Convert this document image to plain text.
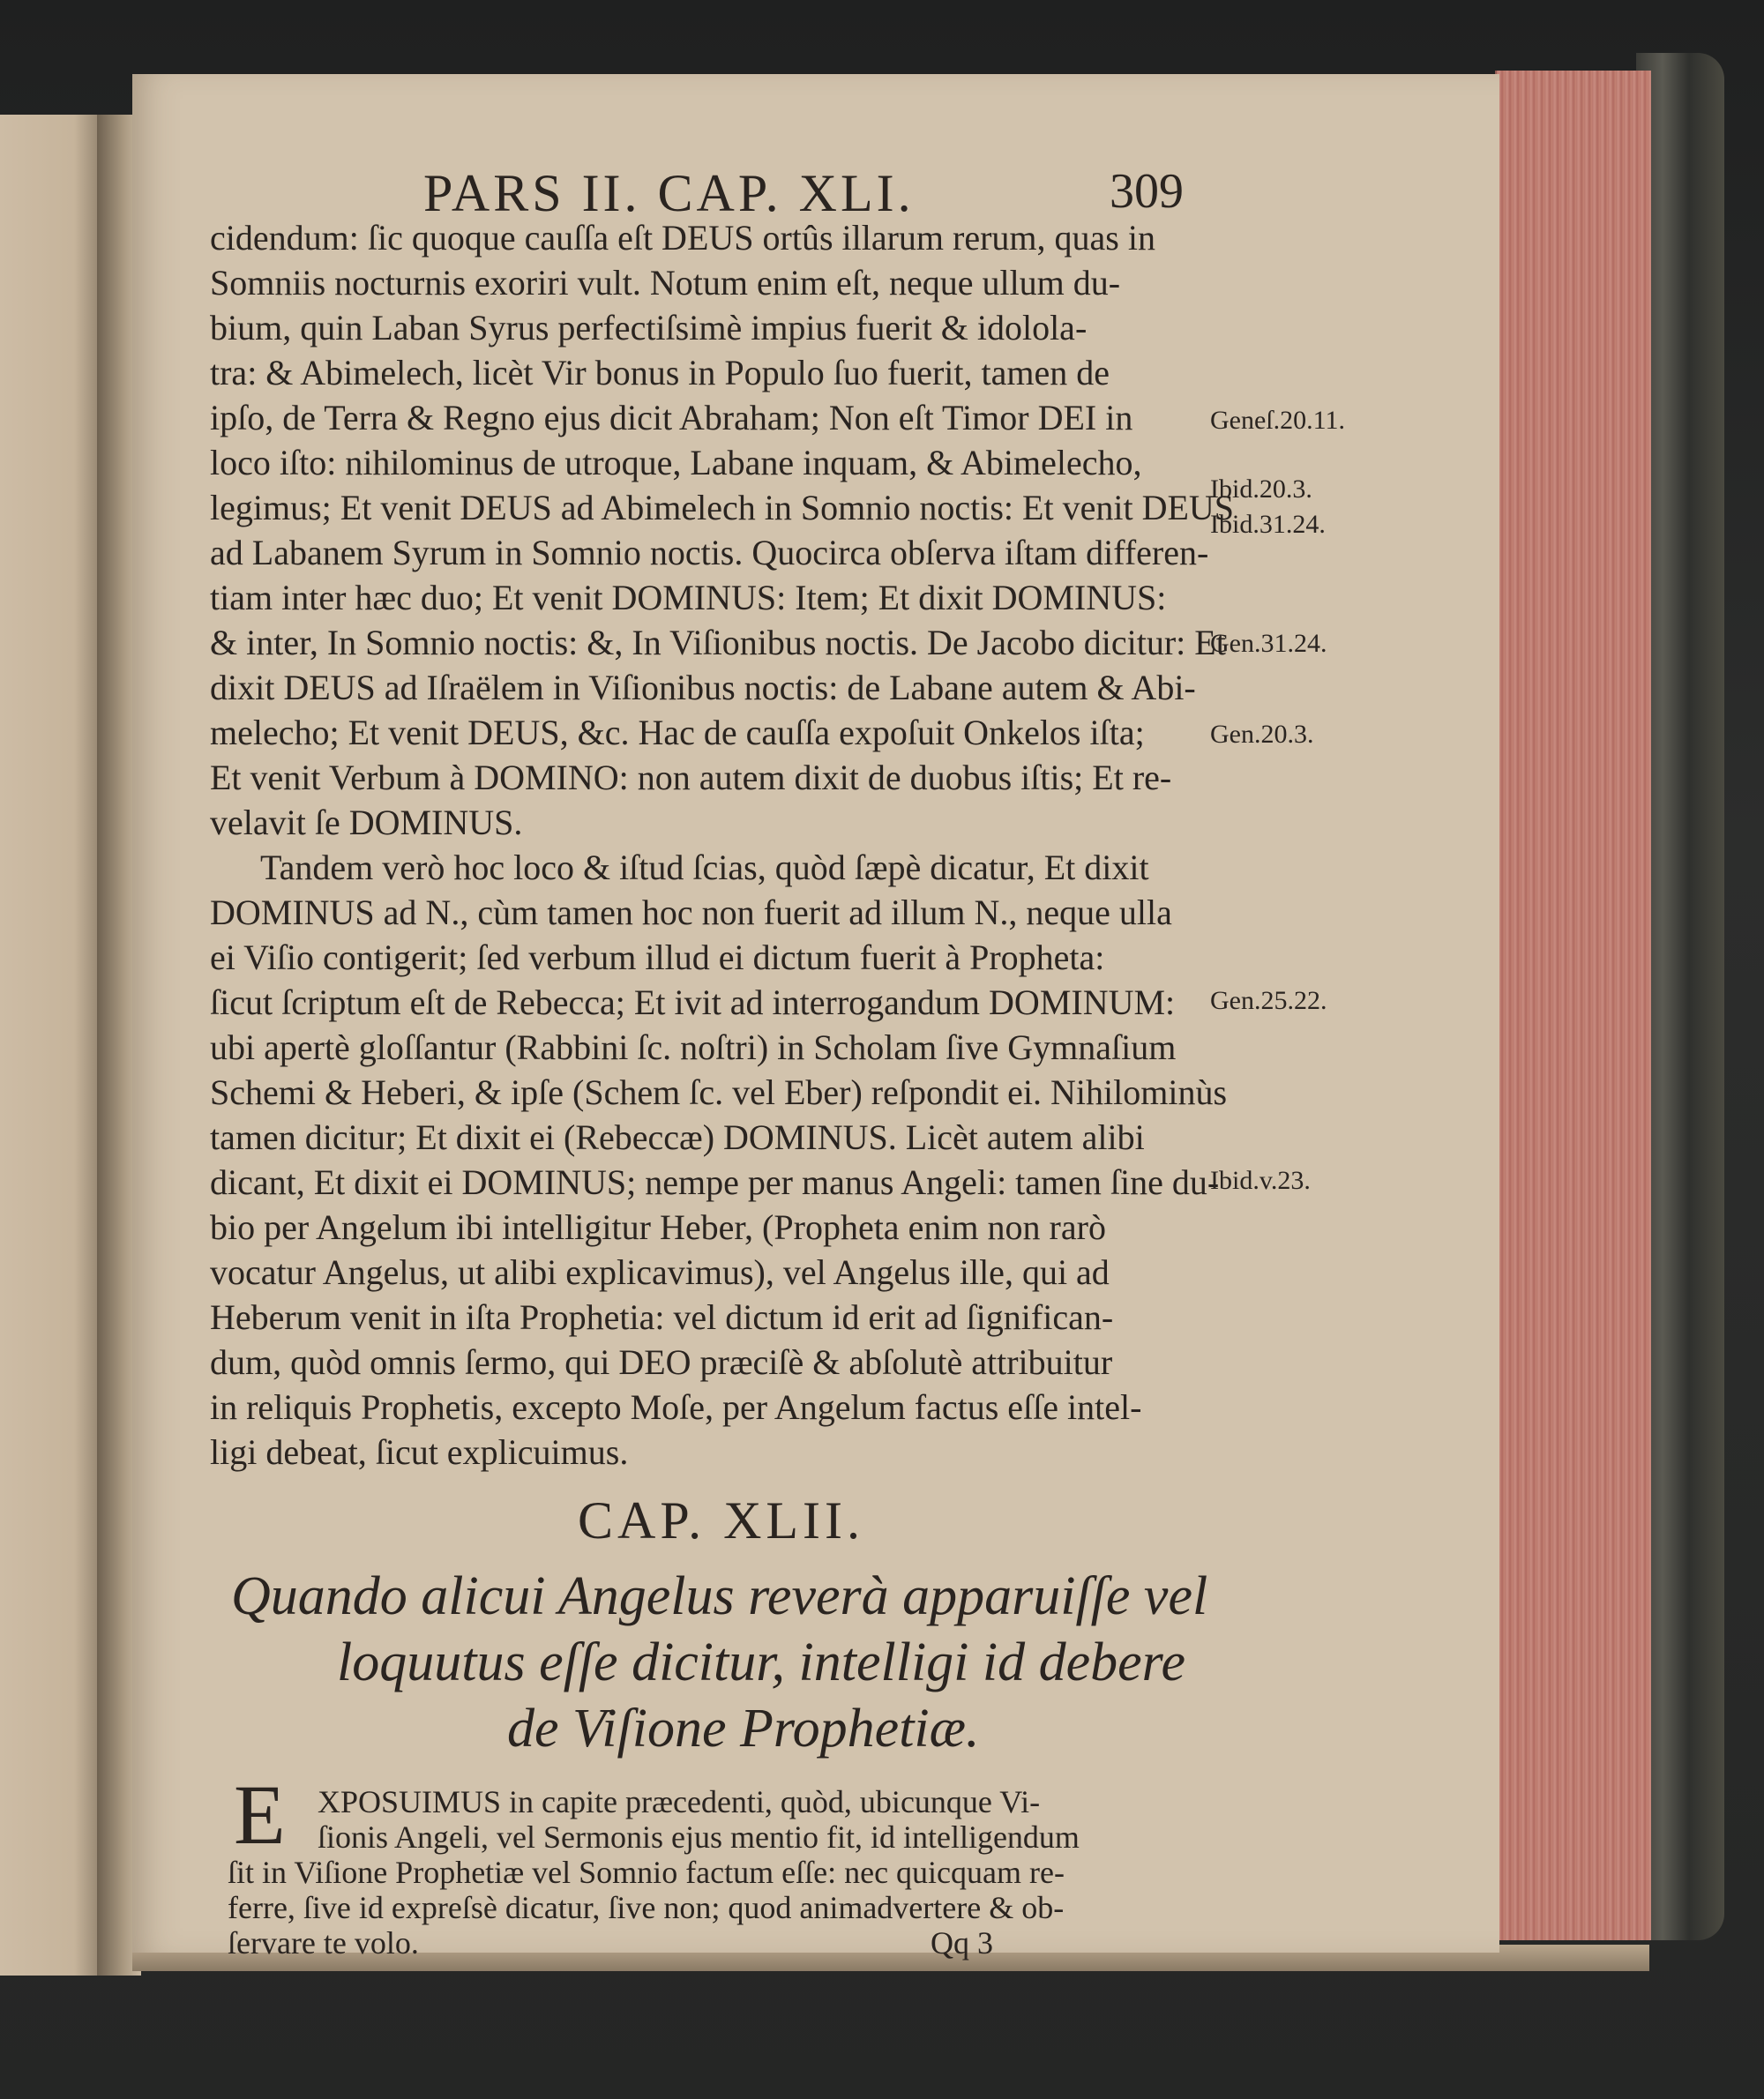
PARS II. CAP. XLI.	309
cidendum: ſic quoque cauſſa eſt DEUS ortûs illarum rerum, quas in
Somniis nocturnis exoriri vult. Notum enim eſt, neque ullum du-
bium, quin Laban Syrus perfectiſsimè impius fuerit & idolola-
tra: & Abimelech, licèt Vir bonus in Populo ſuo fuerit, tamen de
ipſo, de Terra & Regno ejus dicit Abraham; Non eſt Timor DEI in
loco iſto: nihilominus de utroque, Labane inquam, & Abimelecho,
legimus; Et venit DEUS ad Abimelech in Somnio noctis: Et venit DEUS
ad Labanem Syrum in Somnio noctis. Quocirca obſerva iſtam differen-
tiam inter hæc duo; Et venit DOMINUS: Item; Et dixit DOMINUS:
& inter, In Somnio noctis: &, In Viſionibus noctis. De Jacobo dicitur: Et
dixit DEUS ad Iſraëlem in Viſionibus noctis: de Labane autem & Abi-
melecho; Et venit DEUS, &c. Hac de cauſſa expoſuit Onkelos iſta;
Et venit Verbum à DOMINO: non autem dixit de duobus iſtis; Et re-
velavit ſe DOMINUS.
Tandem verò hoc loco & iſtud ſcias, quòd ſæpè dicatur, Et dixit
DOMINUS ad N., cùm tamen hoc non fuerit ad illum N., neque ulla
ei Viſio contigerit; ſed verbum illud ei dictum fuerit à Propheta:
ſicut ſcriptum eſt de Rebecca; Et ivit ad interrogandum DOMINUM:
ubi apertè gloſſantur (Rabbini ſc. noſtri) in Scholam ſive Gymnaſium
Schemi & Heberi, & ipſe (Schem ſc. vel Eber) reſpondit ei. Nihilominùs
tamen dicitur; Et dixit ei (Rebeccæ) DOMINUS. Licèt autem alibi
dicant, Et dixit ei DOMINUS; nempe per manus Angeli: tamen ſine du-
bio per Angelum ibi intelligitur Heber, (Propheta enim non rarò
vocatur Angelus, ut alibi explicavimus), vel Angelus ille, qui ad
Heberum venit in iſta Prophetia: vel dictum id erit ad ſignifican-
dum, quòd omnis ſermo, qui DEO præciſè & abſolutè attribuitur
in reliquis Prophetis, excepto Moſe, per Angelum factus eſſe intel-
ligi debeat, ſicut explicuimus.
Geneſ.20.11.
Ibid.20.3.
Ibid.31.24.
Gen.31.24.
Gen.20.3.
Gen.25.22.
Ibid.v.23.
CAP. XLII.
Quando alicui Angelus reverà apparuiſſe vel
loquutus eſſe dicitur, intelligi id debere
de Viſione Prophetiæ.
E XPOSUIMUS in capite præcedenti, quòd, ubicunque Vi-
ſionis Angeli, vel Sermonis ejus mentio fit, id intelligendum
ſit in Viſione Prophetiæ vel Somnio factum eſſe: nec quicquam re-
ferre, ſive id expreſsè dicatur, ſive non; quod animadvertere & ob-
ſervare te volo.	Qq 3
